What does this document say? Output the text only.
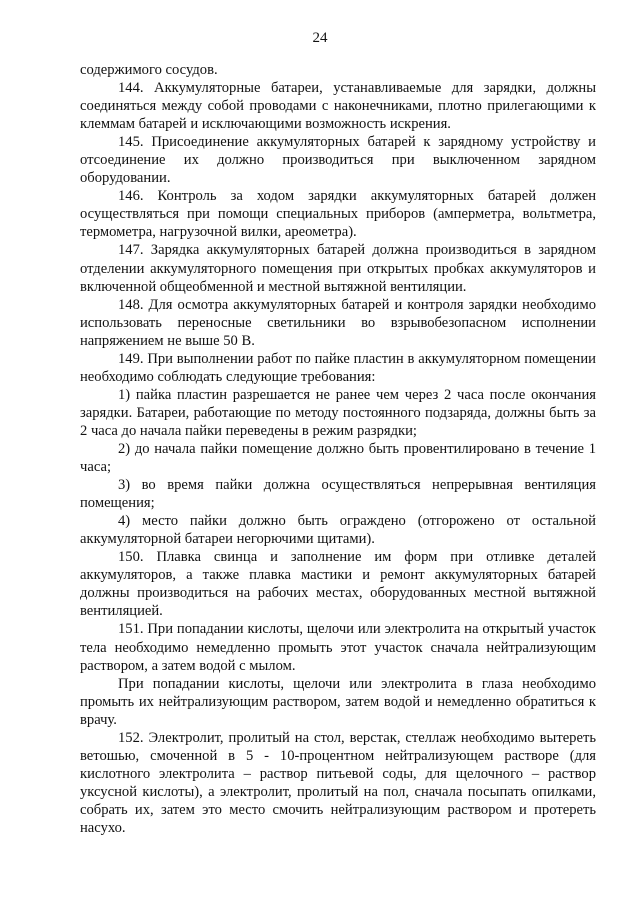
24

содержимого сосудов.

144. Аккумуляторные батареи, устанавливаемые для зарядки, должны соединяться между собой проводами с наконечниками, плотно прилегающими к клеммам батарей и исключающими возможность искрения.

145. Присоединение аккумуляторных батарей к зарядному устройству и отсоединение их должно производиться при выключенном зарядном оборудовании.

146. Контроль за ходом зарядки аккумуляторных батарей должен осуществляться при помощи специальных приборов (амперметра, вольтметра, термометра, нагрузочной вилки, ареометра).

147. Зарядка аккумуляторных батарей должна производиться в зарядном отделении аккумуляторного помещения при открытых пробках аккумуляторов и включенной общеобменной и местной вытяжной вентиляции.

148. Для осмотра аккумуляторных батарей и контроля зарядки необходимо использовать переносные светильники во взрывобезопасном исполнении напряжением не выше 50 В.

149. При выполнении работ по пайке пластин в аккумуляторном помещении необходимо соблюдать следующие требования:

1) пайка пластин разрешается не ранее чем через 2 часа после окончания зарядки. Батареи, работающие по методу постоянного подзаряда, должны быть за 2 часа до начала пайки переведены в режим разрядки;

2) до начала пайки помещение должно быть провентилировано в течение 1 часа;

3) во время пайки должна осуществляться непрерывная вентиляция помещения;

4) место пайки должно быть ограждено (отгорожено от остальной аккумуляторной батареи негорючими щитами).

150. Плавка свинца и заполнение им форм при отливке деталей аккумуляторов, а также плавка мастики и ремонт аккумуляторных батарей должны производиться на рабочих местах, оборудованных местной вытяжной вентиляцией.

151. При попадании кислоты, щелочи или электролита на открытый участок тела необходимо немедленно промыть этот участок сначала нейтрализующим раствором, а затем водой с мылом.

При попадании кислоты, щелочи или электролита в глаза необходимо промыть их нейтрализующим раствором, затем водой и немедленно обратиться к врачу.

152. Электролит, пролитый на стол, верстак, стеллаж необходимо вытереть ветошью, смоченной в 5 - 10-процентном нейтрализующем растворе (для кислотного электролита – раствор питьевой соды, для щелочного – раствор уксусной кислоты), а электролит, пролитый на пол, сначала посыпать опилками, собрать их, затем это место смочить нейтрализующим раствором и протереть насухо.
